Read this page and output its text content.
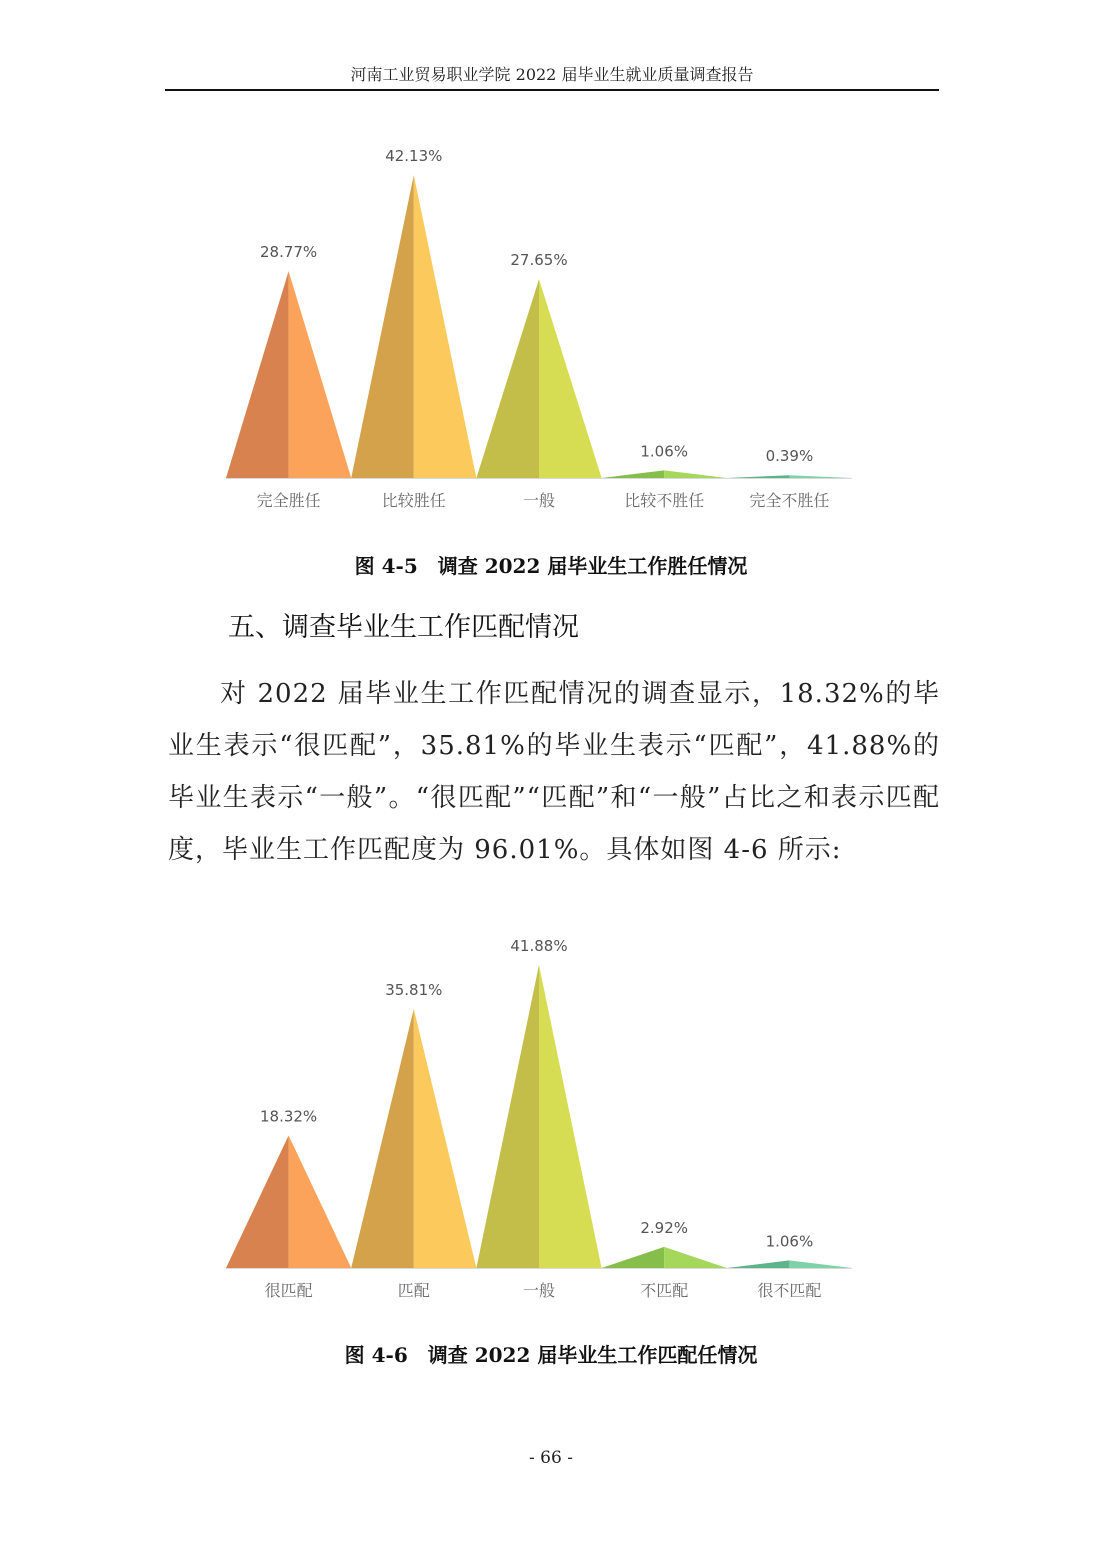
河南工业贸易职业学院 2022 届毕业生就业质量调查报告
28.77%
完全胜任
42.13%
比较胜任
27.65%
一般
1.06%
比较不胜任
0.39%
完全不胜任
图 4-5　调查 2022 届毕业生工作胜任情况
五、调查毕业生工作匹配情况
对 2022 届毕业生工作匹配情况的调查显示，18.32%的毕业生表示“很匹配”，35.81%的毕业生表示“匹配”，41.88%的毕业生表示“一般”。“很匹配”“匹配”和“一般”占比之和表示匹配度，毕业生工作匹配度为 96.01%。具体如图 4-6 所示:
18.32%
很匹配
35.81%
匹配
41.88%
一般
2.92%
不匹配
1.06%
很不匹配
图 4-6　调查 2022 届毕业生工作匹配任情况
- 66 -
